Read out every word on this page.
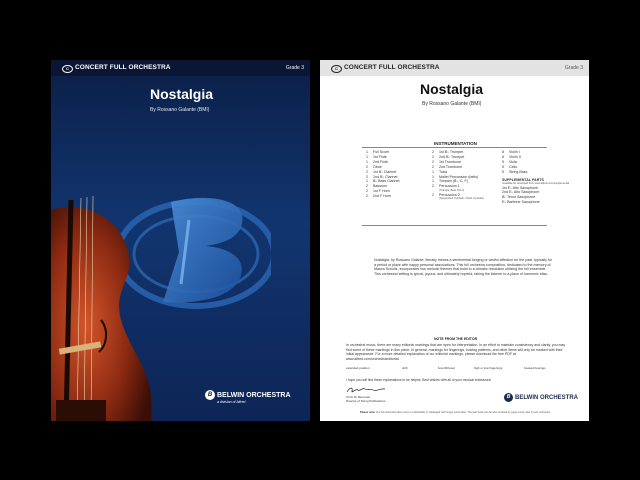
C CONCERT FULL ORCHESTRA	Grade 3
Nostalgia
By Rossano Galante (BMI)
B BELWIN ORCHESTRA
a division of Alfred
C CONCERT FULL ORCHESTRA	Grade 3
Nostalgia
By Rossano Galante (BMI)
INSTRUMENTATION
1 Full Score
1 1st Flute
1 2nd Flute
2 Oboe
2 1st B♭ Clarinet
2 2nd B♭ Clarinet
1 B♭ Bass Clarinet
2 Bassoon
2 1st F Horn
2 2nd F Horn
2 1st B♭ Trumpet
2 2nd B♭ Trumpet
2 1st Trombone
2 2nd Trombone
1 Tuba
1 Mallet Percussion (bells)
1 Timpani (B♭, C, F)
2 Percussion 1
(Triangle, Bass Drum)
2 Percussion 2
(Suspended Cymbals, Crash Cymbals)
8 Violin I
8 Violin II
5 Viola
5 Cello
5 String Bass
SUPPLEMENTAL PARTS
Available for download from www.alfred.com/supplemental
1st E♭ Alto Saxophone
2nd E♭ Alto Saxophone
B♭ Tenor Saxophone
E♭ Baritone Saxophone
Nostalgia, by Rossano Galante, literally means a sentimental longing or wistful affection for the past, typically for a period or place with happy personal associations. This full orchestra composition, dedicated to the memory of Mason Schultz, incorporates two melodic themes that build to a climatic resolution utilizing the full ensemble. This orchestral setting is lyrical, joyous, and ultimately hopeful, taking the listener to a place of harmonic bliss.
NOTE FROM THE EDITOR
In orchestral music, there are many editorial markings that are open for interpretation. In an effort to maintain consistency and clarity, you may find some of these markings in this piece. In general, markings for fingerings, bowing patterns, and other items will only be marked with their initial appearance. For a more detailed explanation of our editorial markings, please download the free PDF at www.alfred.com/orchestraeditorial.
extended position	shift	bow lift/reset	high or low fingerings	hooked bowings
I hope you will find these explanations to be helpful. Best wishes with all of your musical endeavors!
Chris M. Bernotas
Director of String Publications
B BELWIN ORCHESTRA
Please note: Our full orchestra titles come in individually or cataloged with longer parts titles. The part book can be also ordered by page count, also in jazz orchestra.
